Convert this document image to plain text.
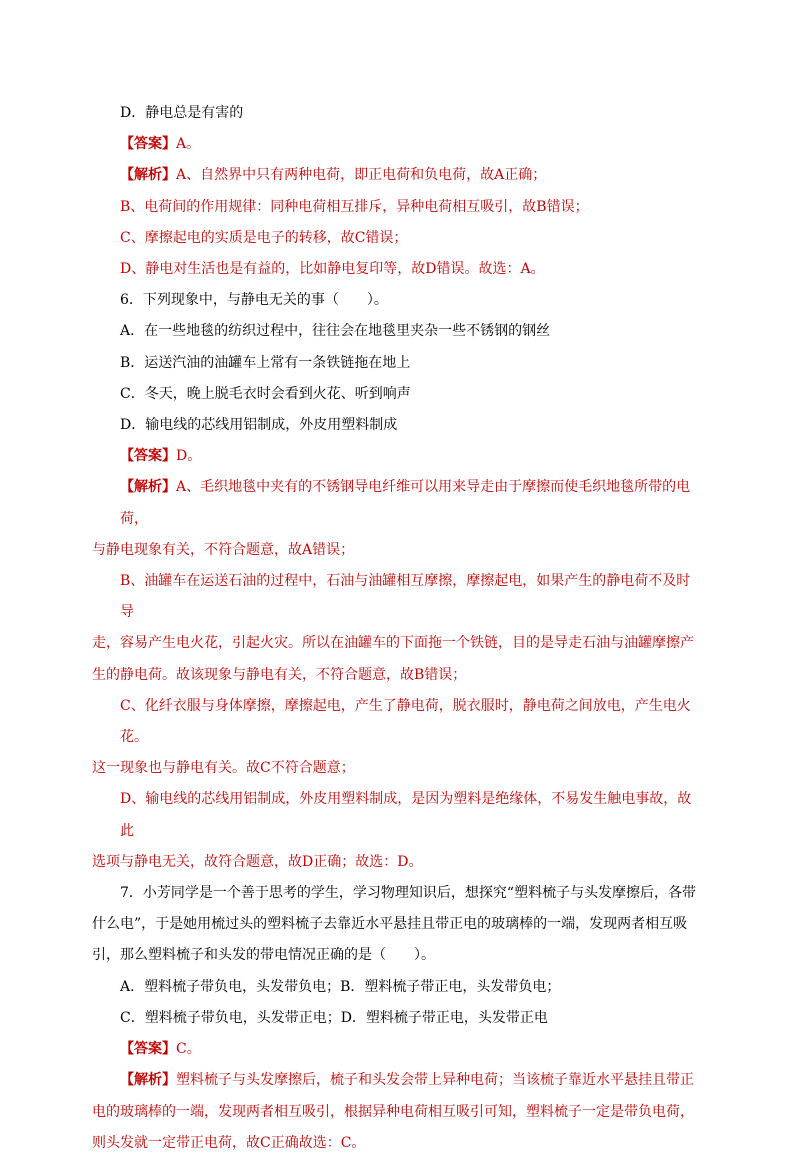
D．静电总是有害的

【答案】A。

【解析】A、自然界中只有两种电荷，即正电荷和负电荷，故A正确；

B、电荷间的作用规律：同种电荷相互排斥，异种电荷相互吸引，故B错误；

C、摩擦起电的实质是电子的转移，故C错误；

D、静电对生活也是有益的，比如静电复印等，故D错误。故选：A。

6．下列现象中，与静电无关的事（　　）。

A．在一些地毯的纺织过程中，往往会在地毯里夹杂一些不锈钢的钢丝

B．运送汽油的油罐车上常有一条铁链拖在地上

C．冬天，晚上脱毛衣时会看到火花、听到响声

D．输电线的芯线用铝制成，外皮用塑料制成

【答案】D。

【解析】A、毛织地毯中夹有的不锈钢导电纤维可以用来导走由于摩擦而使毛织地毯所带的电荷，
与静电现象有关，不符合题意，故A错误；
B、油罐车在运送石油的过程中，石油与油罐相互摩擦，摩擦起电，如果产生的静电荷不及时导
走，容易产生电火花，引起火灾。所以在油罐车的下面拖一个铁链，目的是导走石油与油罐摩擦产
生的静电荷。故该现象与静电有关，不符合题意，故B错误；
C、化纤衣服与身体摩擦，摩擦起电，产生了静电荷，脱衣服时，静电荷之间放电，产生电火花。
这一现象也与静电有关。故C不符合题意；
D、输电线的芯线用铝制成，外皮用塑料制成，是因为塑料是绝缘体，不易发生触电事故，故此
选项与静电无关，故符合题意，故D正确；故选：D。
7．小芳同学是一个善于思考的学生，学习物理知识后，想探究“塑料梳子与头发摩擦后，各带
什么电”，于是她用梳过头的塑料梳子去靠近水平悬挂且带正电的玻璃棒的一端，发现两者相互吸
引，那么塑料梳子和头发的带电情况正确的是（　　）。

A．塑料梳子带负电，头发带负电；B．塑料梳子带正电，头发带负电；

C．塑料梳子带负电，头发带正电；D．塑料梳子带正电，头发带正电

【答案】C。

【解析】塑料梳子与头发摩擦后，梳子和头发会带上异种电荷；当该梳子靠近水平悬挂且带正
电的玻璃棒的一端，发现两者相互吸引，根据异种电荷相互吸引可知，塑料梳子一定是带负电荷，
则头发就一定带正电荷，故C正确故选：C。
